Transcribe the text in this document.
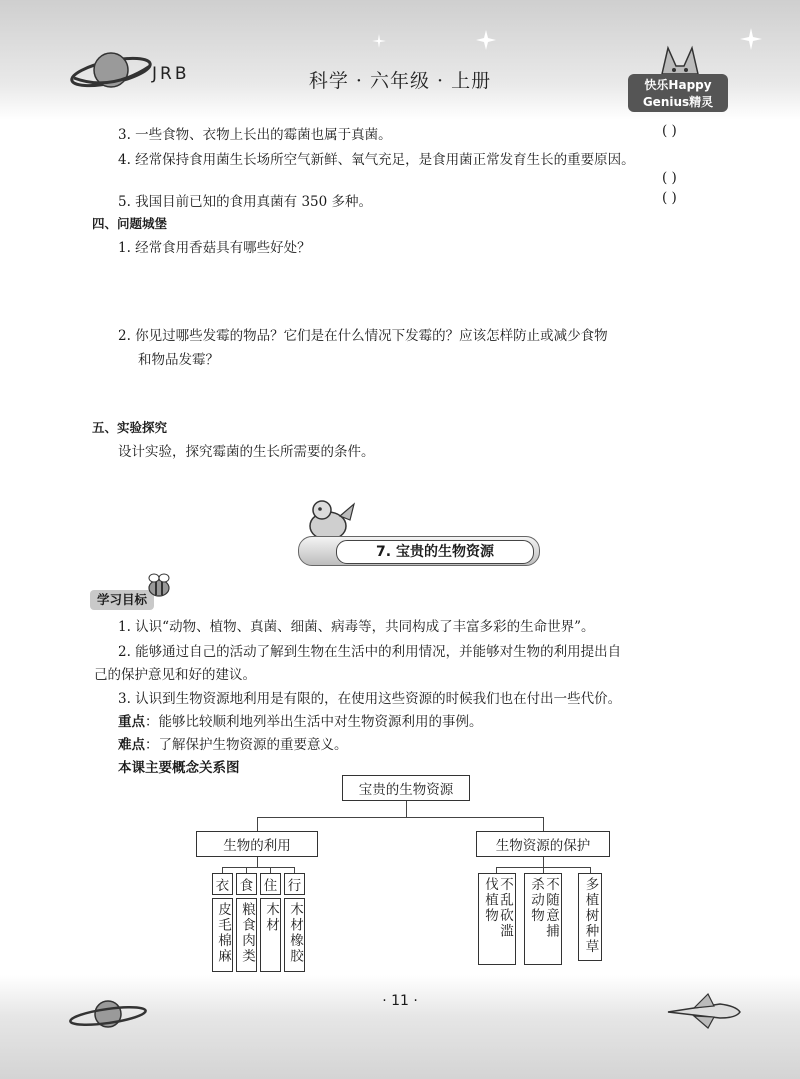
JRB	科学 · 六年级 · 上册	快乐Happy Genius精灵
3. 一些食物、衣物上长出的霉菌也属于真菌。	( )
4. 经常保持食用菌生长场所空气新鲜、氧气充足，是食用菌正常发育生长的重要原因。
( )
5. 我国目前已知的食用真菌有 350 多种。	( )
四、问题城堡
1. 经常食用香菇具有哪些好处？
2. 你见过哪些发霉的物品？它们是在什么情况下发霉的？应该怎样防止或减少食物
和物品发霉？
五、实验探究
设计实验，探究霉菌的生长所需要的条件。
7. 宝贵的生物资源
学习目标
1. 认识“动物、植物、真菌、细菌、病毒等，共同构成了丰富多彩的生命世界”。
2. 能够通过自己的活动了解到生物在生活中的利用情况，并能够对生物的利用提出自
己的保护意见和好的建议。
3. 认识到生物资源地利用是有限的，在使用这些资源的时候我们也在付出一些代价。
重点：能够比较顺利地列举出生活中对生物资源利用的事例。
难点：了解保护生物资源的重要意义。
本课主要概念关系图
宝贵的生物资源
生物的利用	生物资源的保护
衣 食 住 行
皮毛棉麻 粮食肉类 木材 木材橡胶	不乱砍滥伐植物	不随意捕杀动物	多植树种草
· 11 ·
